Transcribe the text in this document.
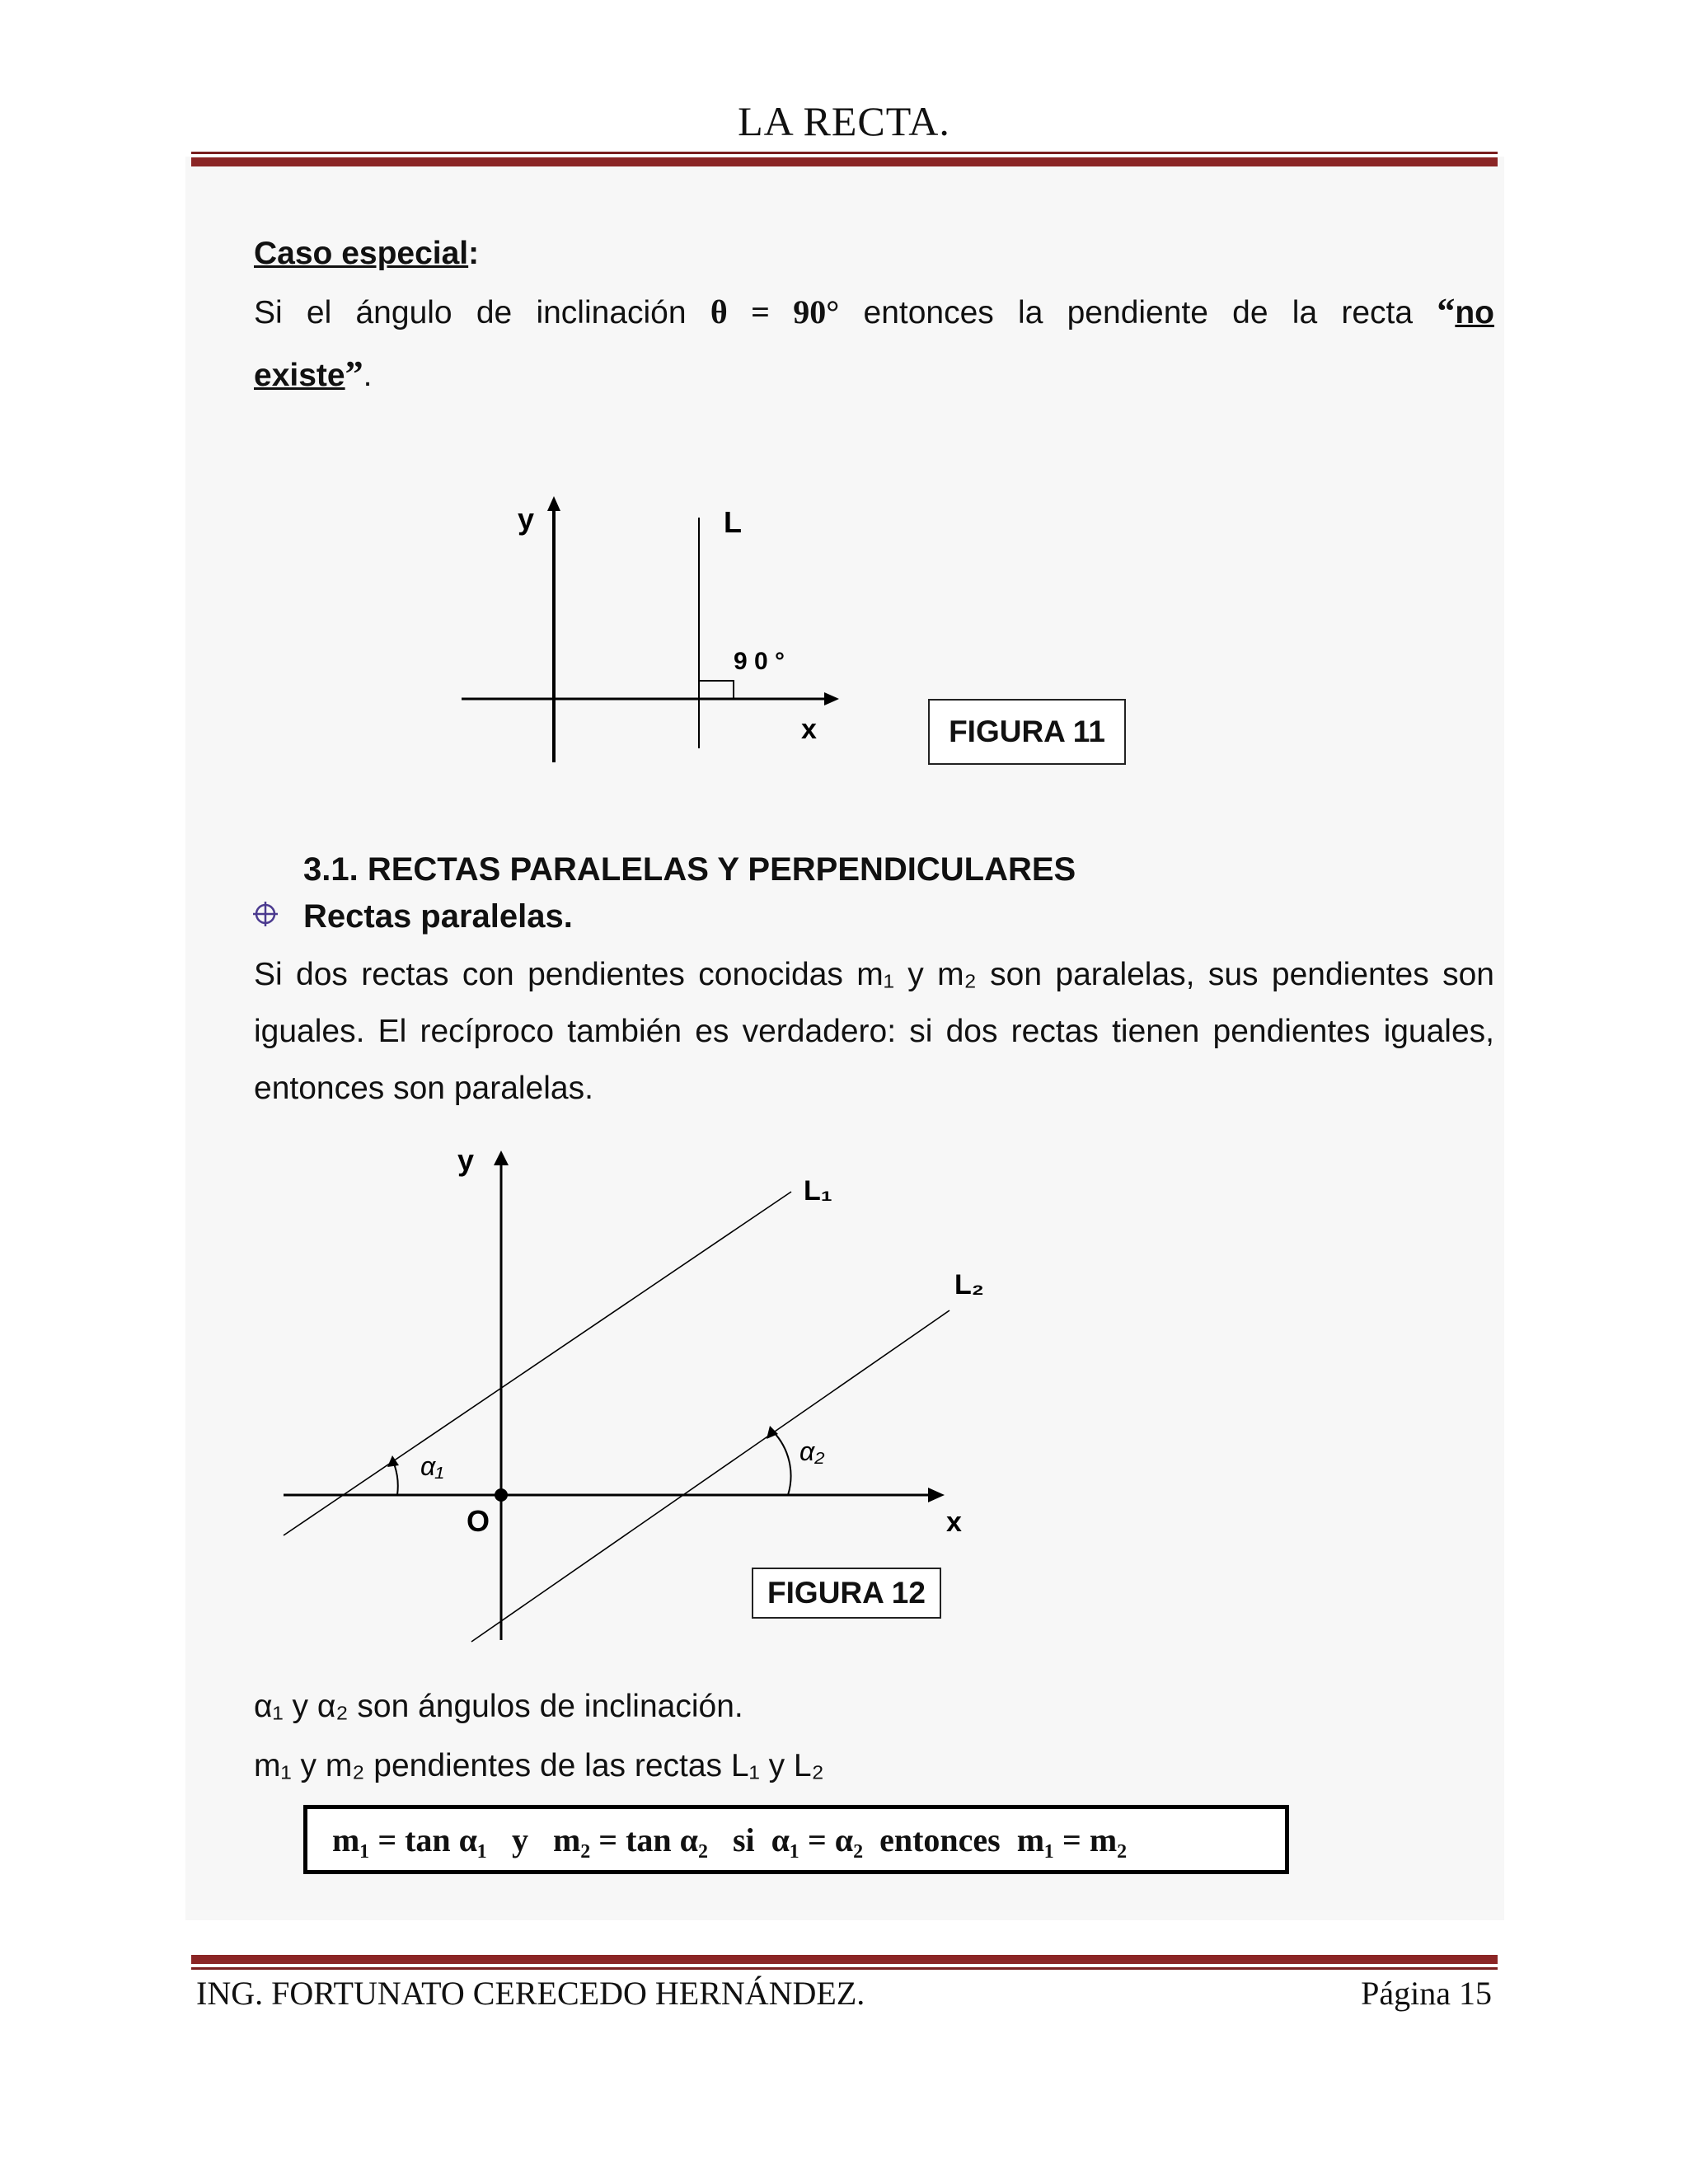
LA RECTA.
Caso especial:
Si el ángulo de inclinación θ = 90° entonces la pendiente de la recta “no
existe”.
y	L
9 0 °
x	FIGURA 11
3.1. RECTAS PARALELAS Y PERPENDICULARES
Rectas paralelas.
Si dos rectas con pendientes conocidas m₁ y m₂ son paralelas, sus pendientes son
iguales. El recíproco también es verdadero: si dos rectas tienen pendientes iguales,
entonces son paralelas.
y
L₁
L₂
α₁	α₂
O	x
FIGURA 12
α₁ y α₂ son ángulos de inclinación.
m₁ y m₂ pendientes de las rectas L₁ y L₂
m₁ = tan α₁   y   m₂ = tan α₂   si  α₁ = α₂  entonces  m₁ = m₂
ING. FORTUNATO CERECEDO HERNÁNDEZ.	Página 15
